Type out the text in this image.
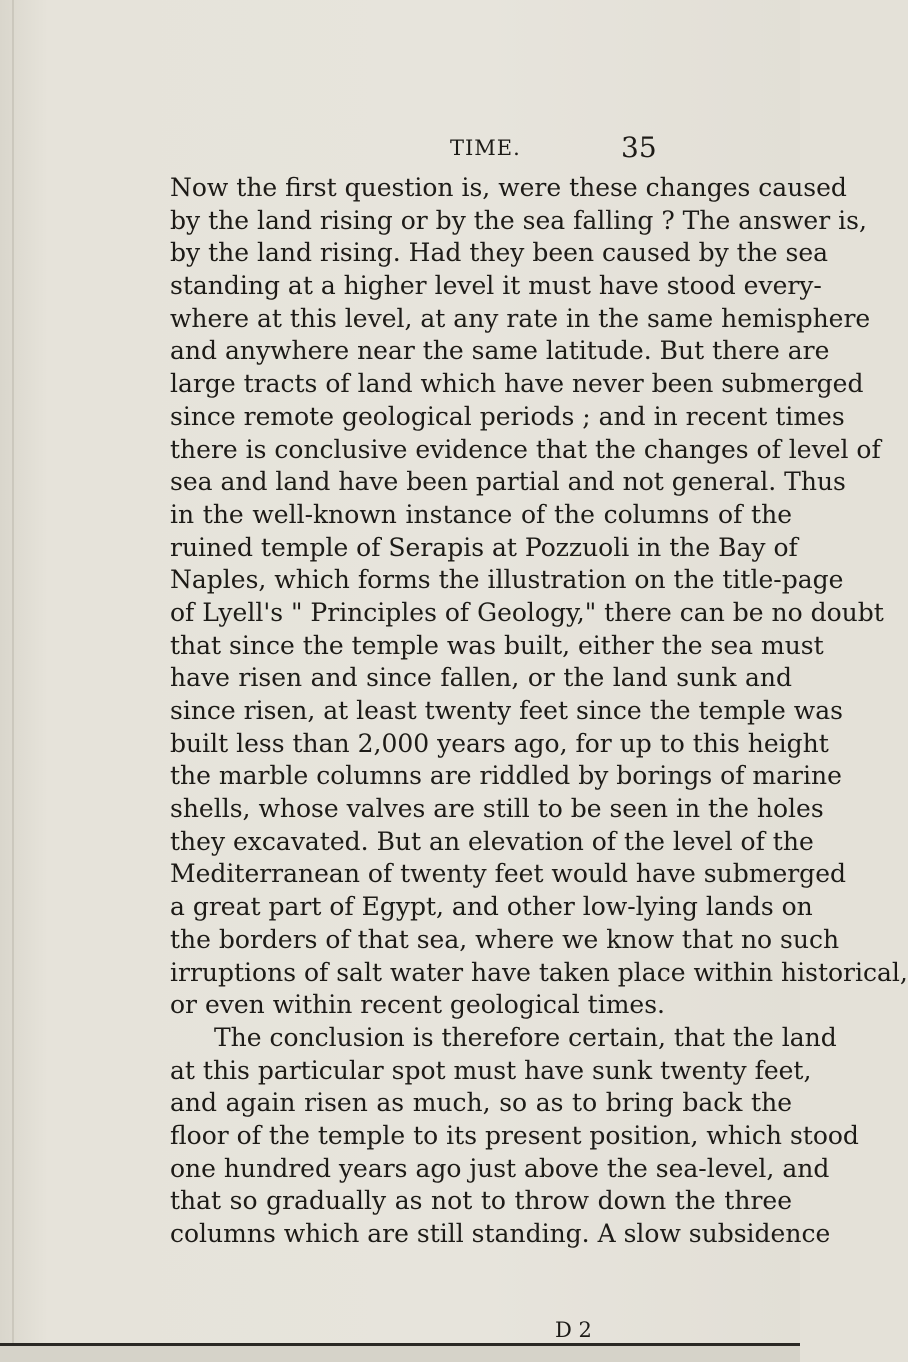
TIME.	35
Now the first question is, were these changes caused
by the land rising or by the sea falling ? The answer is,
by the land rising. Had they been caused by the sea
standing at a higher level it must have stood every-
where at this level, at any rate in the same hemisphere
and anywhere near the same latitude. But there are
large tracts of land which have never been submerged
since remote geological periods ; and in recent times
there is conclusive evidence that the changes of level of
sea and land have been partial and not general. Thus
in the well-known instance of the columns of the
ruined temple of Serapis at Pozzuoli in the Bay of
Naples, which forms the illustration on the title-page
of Lyell's " Principles of Geology," there can be no doubt
that since the temple was built, either the sea must
have risen and since fallen, or the land sunk and
since risen, at least twenty feet since the temple was
built less than 2,000 years ago, for up to this height
the marble columns are riddled by borings of marine
shells, whose valves are still to be seen in the holes
they excavated. But an elevation of the level of the
Mediterranean of twenty feet would have submerged
a great part of Egypt, and other low-lying lands on
the borders of that sea, where we know that no such
irruptions of salt water have taken place within historical,
or even within recent geological times.
The conclusion is therefore certain, that the land
at this particular spot must have sunk twenty feet,
and again risen as much, so as to bring back the
floor of the temple to its present position, which stood
one hundred years ago just above the sea-level, and
that so gradually as not to throw down the three
columns which are still standing. A slow subsidence
D 2
